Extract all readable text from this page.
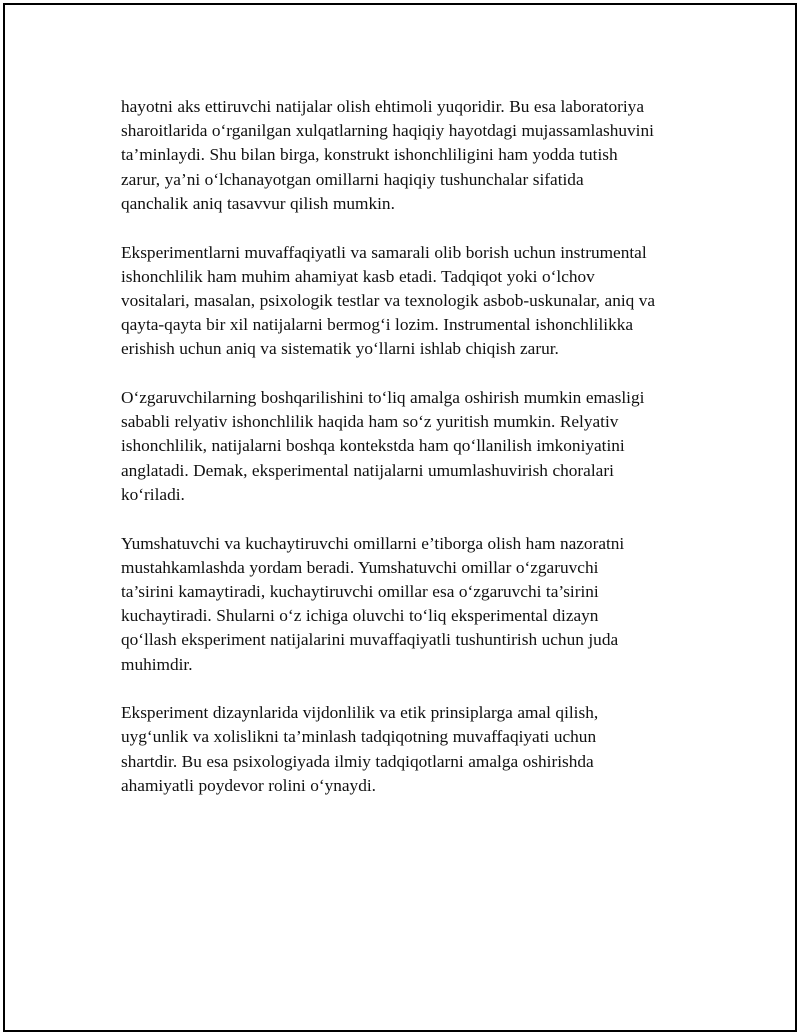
hayotni aks ettiruvchi natijalar olish ehtimoli yuqoridir. Bu esa laboratoriya
sharoitlarida o‘rganilgan xulqatlarning haqiqiy hayotdagi mujassamlashuvini
ta’minlaydi. Shu bilan birga, konstrukt ishonchliligini ham yodda tutish
zarur, ya’ni o‘lchanayotgan omillarni haqiqiy tushunchalar sifatida
qanchalik aniq tasavvur qilish mumkin.

Eksperimentlarni muvaffaqiyatli va samarali olib borish uchun instrumental
ishonchlilik ham muhim ahamiyat kasb etadi. Tadqiqot yoki o‘lchov
vositalari, masalan, psixologik testlar va texnologik asbob-uskunalar, aniq va
qayta-qayta bir xil natijalarni bermog‘i lozim. Instrumental ishonchlilikka
erishish uchun aniq va sistematik yo‘llarni ishlab chiqish zarur.

O‘zgaruvchilarning boshqarilishini to‘liq amalga oshirish mumkin emasligi
sababli relyativ ishonchlilik haqida ham so‘z yuritish mumkin. Relyativ
ishonchlilik, natijalarni boshqa kontekstda ham qo‘llanilish imkoniyatini
anglatadi. Demak, eksperimental natijalarni umumlashuvirish choralari
ko‘riladi.

Yumshatuvchi va kuchaytiruvchi omillarni e’tiborga olish ham nazoratni
mustahkamlashda yordam beradi. Yumshatuvchi omillar o‘zgaruvchi
ta’sirini kamaytiradi, kuchaytiruvchi omillar esa o‘zgaruvchi ta’sirini
kuchaytiradi. Shularni o‘z ichiga oluvchi to‘liq eksperimental dizayn
qo‘llash eksperiment natijalarini muvaffaqiyatli tushuntirish uchun juda
muhimdir.

Eksperiment dizaynlarida vijdonlilik va etik prinsiplarga amal qilish,
uyg‘unlik va xolislikni ta’minlash tadqiqotning muvaffaqiyati uchun
shartdir. Bu esa psixologiyada ilmiy tadqiqotlarni amalga oshirishda
ahamiyatli poydevor rolini o‘ynaydi.
